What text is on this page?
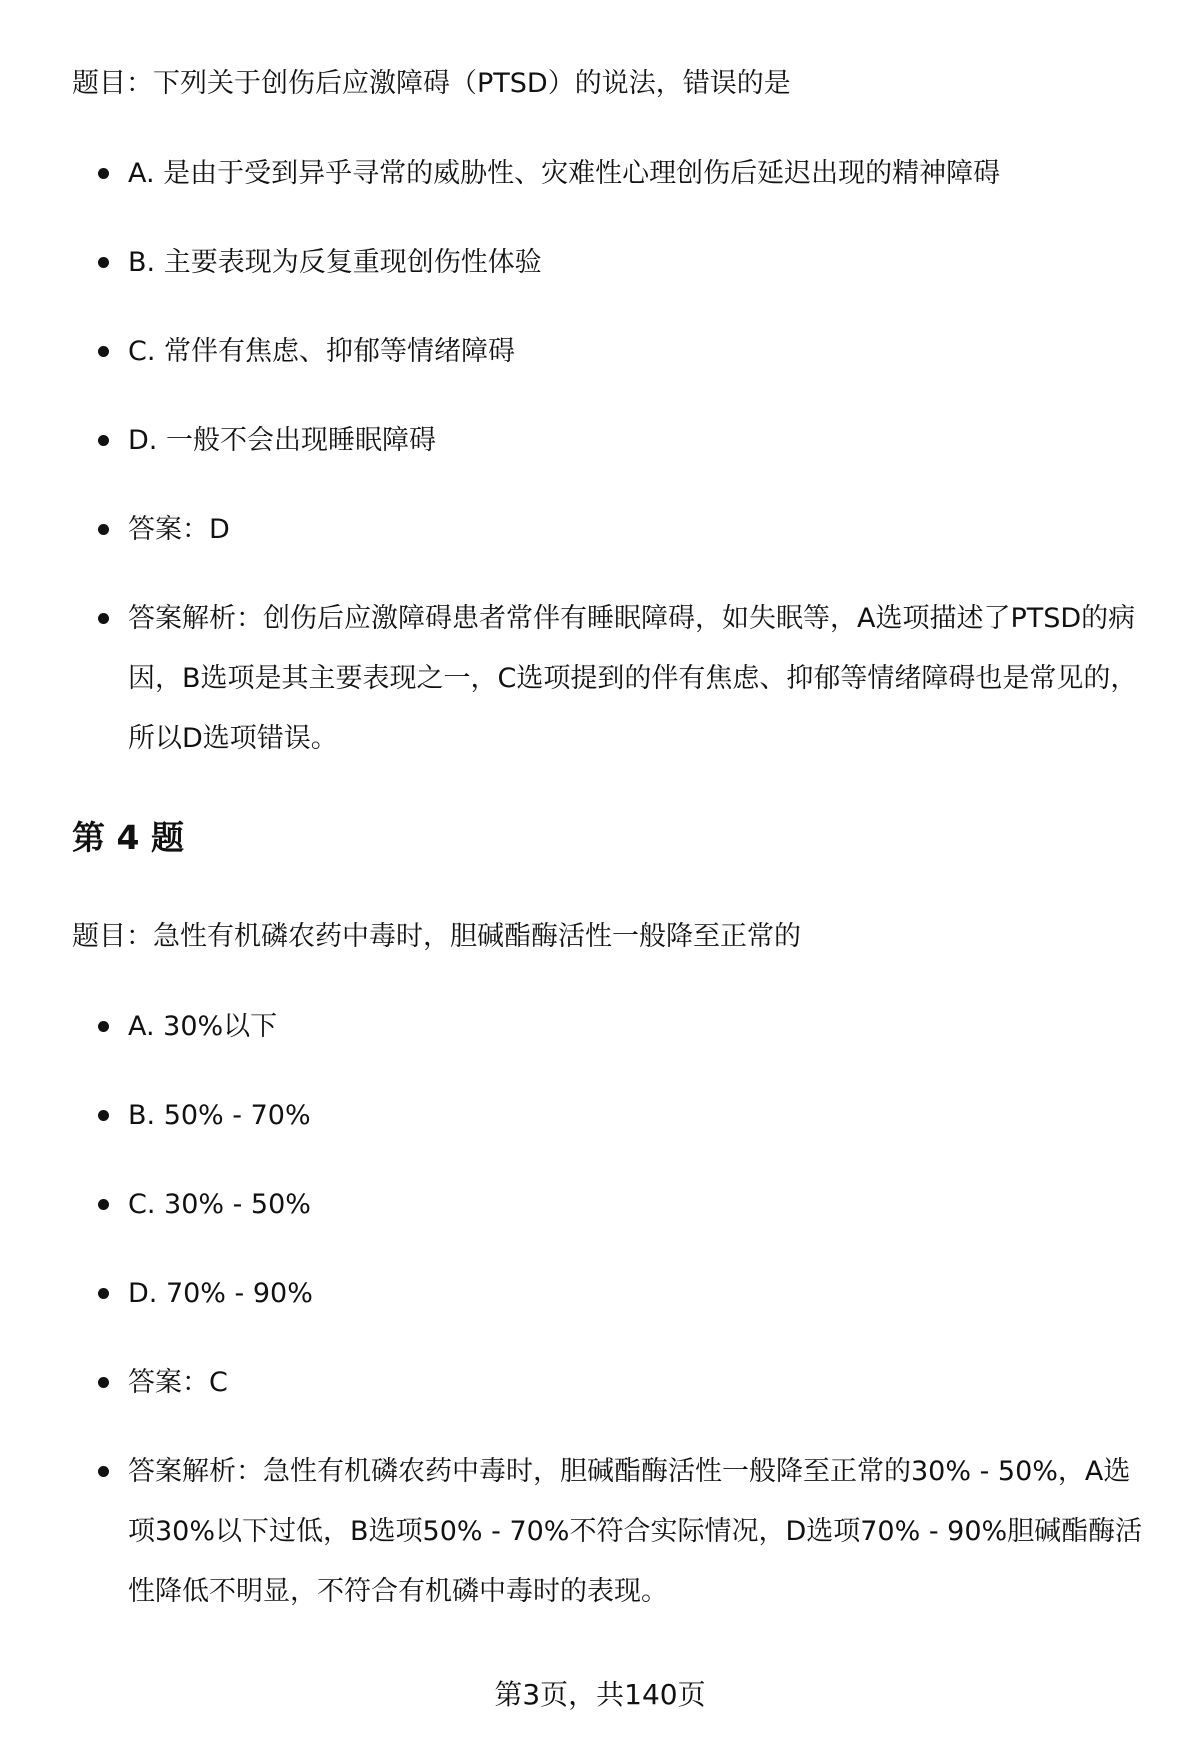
题目：下列关于创伤后应激障碍（PTSD）的说法，错误的是
A. 是由于受到异乎寻常的威胁性、灾难性心理创伤后延迟出现的精神障碍
B. 主要表现为反复重现创伤性体验
C. 常伴有焦虑、抑郁等情绪障碍
D. 一般不会出现睡眠障碍
答案：D
答案解析：创伤后应激障碍患者常伴有睡眠障碍，如失眠等，A选项描述了PTSD的病因，B选项是其主要表现之一，C选项提到的伴有焦虑、抑郁等情绪障碍也是常见的，所以D选项错误。
第 4 题
题目：急性有机磷农药中毒时，胆碱酯酶活性一般降至正常的
A. 30%以下
B. 50% - 70%
C. 30% - 50%
D. 70% - 90%
答案：C
答案解析：急性有机磷农药中毒时，胆碱酯酶活性一般降至正常的30% - 50%，A选项30%以下过低，B选项50% - 70%不符合实际情况，D选项70% - 90%胆碱酯酶活性降低不明显，不符合有机磷中毒时的表现。
第3页，共140页
